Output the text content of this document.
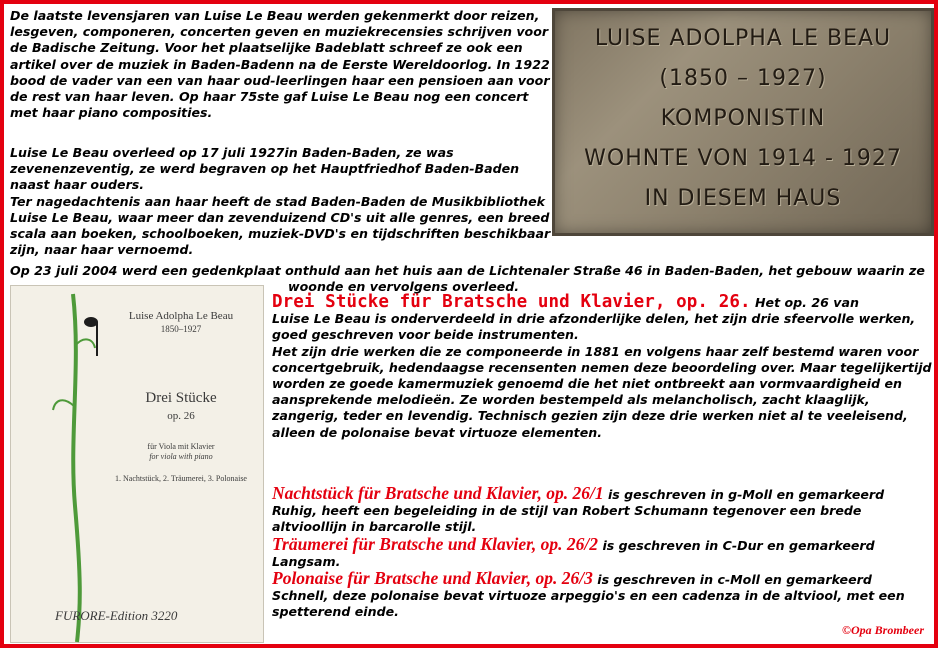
De laatste levensjaren van Luise Le Beau werden gekenmerkt door reizen, lesgeven, componeren, concerten geven en muziekrecensies schrijven voor de Badische Zeitung. Voor het plaatselijke Badeblatt schreef ze ook een artikel over de muziek in Baden-Badenn na de Eerste Wereldoorlog. In 1922 bood de vader van een van haar oud-leerlingen haar een pensioen aan voor de rest van haar leven. Op haar 75ste gaf Luise Le Beau nog een concert met haar piano composities.
Luise Le Beau overleed op 17 juli 1927in Baden-Baden, ze was zevenenzeventig, ze werd begraven op het Hauptfriedhof Baden-Baden naast haar ouders.
Ter nagedachtenis aan haar heeft de stad Baden-Baden de Musikbibliothek Luise Le Beau, waar meer dan zevenduizend CD's uit alle genres, een breed scala aan boeken, schoolboeken, muziek-DVD's en tijdschriften beschikbaar zijn, naar haar vernoemd.
LUISE ADOLPHA LE BEAU
(1850 – 1927)
KOMPONISTIN
WOHNTE VON 1914 - 1927
IN DIESEM HAUS
Op 23 juli 2004 werd een gedenkplaat onthuld aan het huis aan de Lichtenaler Straße 46 in Baden-Baden, het gebouw waarin ze
woonde en vervolgens overleed.
Luise Adolpha Le Beau
1850–1927
Drei Stücke
op. 26
für Viola mit Klavier
for viola with piano
1. Nachtstück, 2. Träumerei, 3. Polonaise
FURORE-Edition 3220
Drei Stücke für Bratsche und Klavier, op. 26. Het op. 26 van
Luise Le Beau is onderverdeeld in drie afzonderlijke delen, het zijn drie sfeervolle werken, goed geschreven voor beide instrumenten.
Het zijn drie werken die ze componeerde in 1881 en volgens haar zelf bestemd waren voor concertgebruik, hedendaagse recensenten nemen deze beoordeling over. Maar tegelijkertijd worden ze goede kamermuziek genoemd die het niet ontbreekt aan vormvaardigheid en aansprekende melodieën. Ze worden bestempeld als melancholisch, zacht klaaglijk, zangerig, teder en levendig. Technisch gezien zijn deze drie werken niet al te veeleisend, alleen de polonaise bevat virtuoze elementen.
Nachtstück für Bratsche und Klavier, op. 26/1 is geschreven in g-Moll en gemarkeerd
Ruhig, heeft een begeleiding in de stijl van Robert Schumann tegenover een brede altvioollijn in barcarolle stijl.
Träumerei für Bratsche und Klavier, op. 26/2 is geschreven in C-Dur en gemarkeerd
Langsam.
Polonaise für Bratsche und Klavier, op. 26/3 is geschreven in c-Moll en gemarkeerd
Schnell, deze polonaise bevat virtuoze arpeggio's en een cadenza in de altviool, met een spetterend einde.
©Opa Brombeer
